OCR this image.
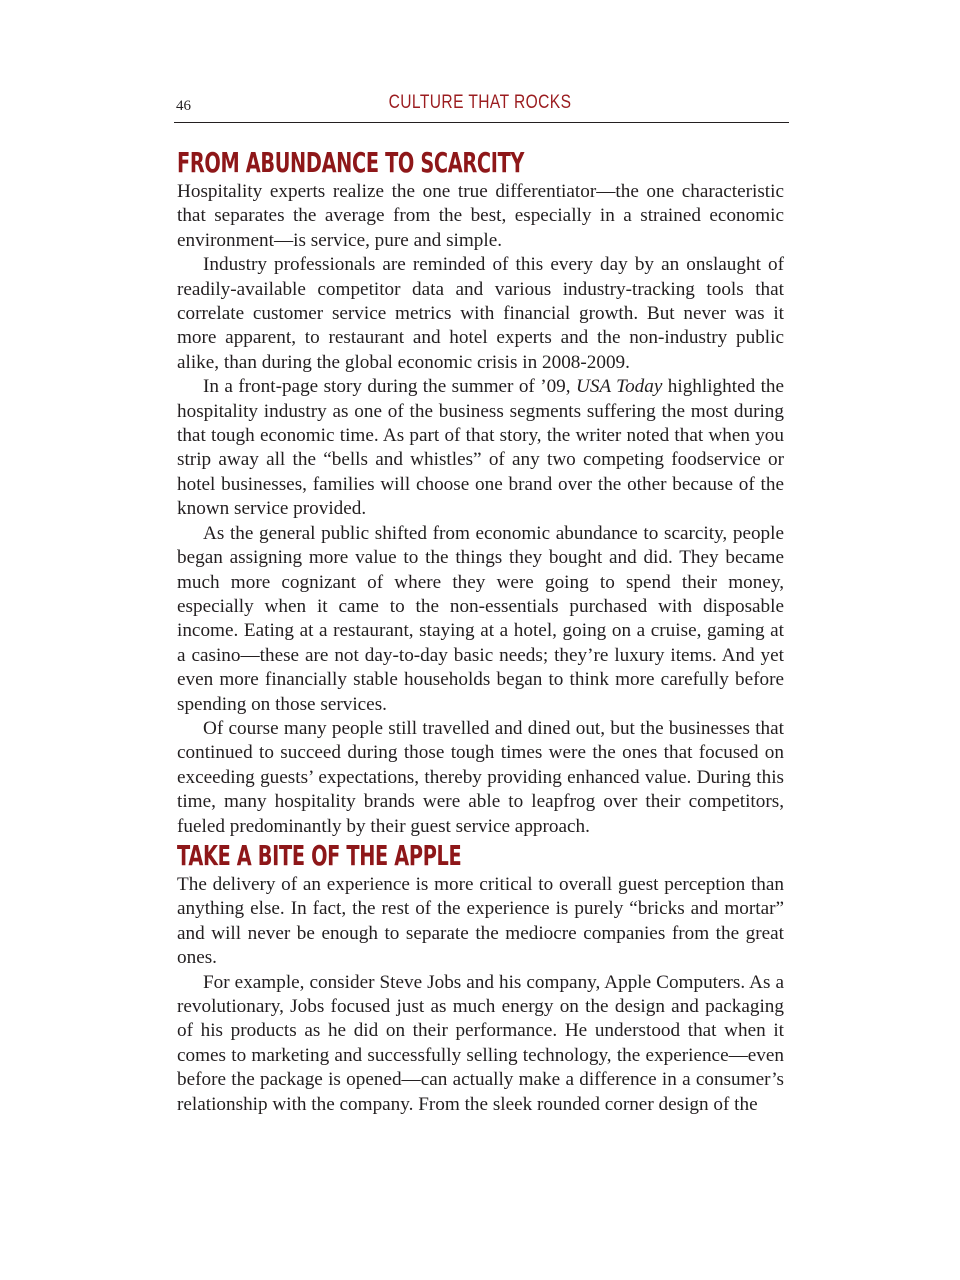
46	CULTURE THAT ROCKS
FROM ABUNDANCE TO SCARCITY

Hospitality experts realize the one true differentiator—the one characteristic that separates the average from the best, especially in a strained economic environment—is service, pure and simple.

Industry professionals are reminded of this every day by an onslaught of readily-available competitor data and various industry-tracking tools that correlate customer service metrics with financial growth. But never was it more apparent, to restaurant and hotel experts and the non-industry public alike, than during the global economic crisis in 2008-2009.

In a front-page story during the summer of ’09, USA Today highlighted the hospitality industry as one of the business segments suffering the most during that tough economic time. As part of that story, the writer noted that when you strip away all the “bells and whistles” of any two competing foodservice or hotel businesses, families will choose one brand over the other because of the known service provided.

As the general public shifted from economic abundance to scarcity, people began assigning more value to the things they bought and did. They became much more cognizant of where they were going to spend their money, especially when it came to the non-essentials purchased with disposable income. Eating at a restaurant, staying at a hotel, going on a cruise, gaming at a casino—these are not day-to-day basic needs; they’re luxury items. And yet even more financially stable households began to think more carefully before spending on those services.

Of course many people still travelled and dined out, but the businesses that continued to succeed during those tough times were the ones that focused on exceeding guests’ expectations, thereby providing enhanced value. During this time, many hospitality brands were able to leapfrog over their competitors, fueled predominantly by their guest service approach.

TAKE A BITE OF THE APPLE

The delivery of an experience is more critical to overall guest perception than anything else. In fact, the rest of the experience is purely “bricks and mortar” and will never be enough to separate the mediocre companies from the great ones.

For example, consider Steve Jobs and his company, Apple Computers. As a revolutionary, Jobs focused just as much energy on the design and packaging of his products as he did on their performance. He understood that when it comes to marketing and successfully selling technology, the experience—even before the package is opened—can actually make a difference in a consumer’s relationship with the company. From the sleek rounded corner design of the
